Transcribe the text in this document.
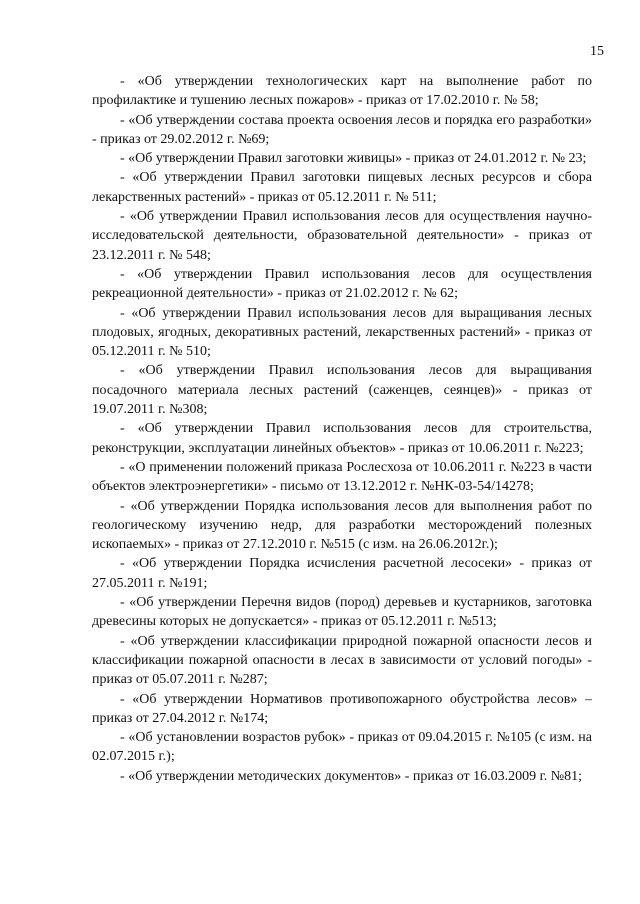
15

- «Об утверждении технологических карт на выполнение работ по профилактике и тушению лесных пожаров» - приказ от 17.02.2010 г. № 58;

- «Об утверждении состава проекта освоения лесов и порядка его разработки» - приказ от 29.02.2012 г. №69;

- «Об утверждении Правил заготовки живицы» - приказ от 24.01.2012 г. № 23;

- «Об утверждении Правил заготовки пищевых лесных ресурсов и сбора лекарственных растений» - приказ от 05.12.2011 г. № 511;

- «Об утверждении Правил использования лесов для осуществления научно-исследовательской деятельности, образовательной деятельности» - приказ от 23.12.2011 г. № 548;

- «Об утверждении Правил использования лесов для осуществления рекреационной деятельности» - приказ от 21.02.2012 г. № 62;

- «Об утверждении Правил использования лесов для выращивания лесных плодовых, ягодных, декоративных растений, лекарственных растений» - приказ от 05.12.2011 г. № 510;

- «Об утверждении Правил использования лесов для выращивания посадочного материала лесных растений (саженцев, сеянцев)» - приказ от 19.07.2011 г. №308;

- «Об утверждении Правил использования лесов для строительства, реконструкции, эксплуатации линейных объектов» - приказ от 10.06.2011 г. №223;

- «О применении положений приказа Рослесхоза от 10.06.2011 г. №223 в части объектов электроэнергетики» - письмо от 13.12.2012 г. №НК-03-54/14278;

- «Об утверждении Порядка использования лесов для выполнения работ по геологическому изучению недр, для разработки месторождений полезных ископаемых» - приказ от 27.12.2010 г. №515 (с изм. на 26.06.2012г.);

- «Об утверждении Порядка исчисления расчетной лесосеки» - приказ от 27.05.2011 г. №191;

- «Об утверждении Перечня видов (пород) деревьев и кустарников, заготовка древесины которых не допускается» - приказ от 05.12.2011 г. №513;

- «Об утверждении классификации природной пожарной опасности лесов и классификации пожарной опасности в лесах в зависимости от условий погоды» - приказ от 05.07.2011 г. №287;

- «Об утверждении Нормативов противопожарного обустройства лесов» – приказ от 27.04.2012 г. №174;

- «Об установлении возрастов рубок» - приказ от 09.04.2015 г. №105 (с изм. на 02.07.2015 г.);

- «Об утверждении методических документов» - приказ от 16.03.2009 г. №81;
